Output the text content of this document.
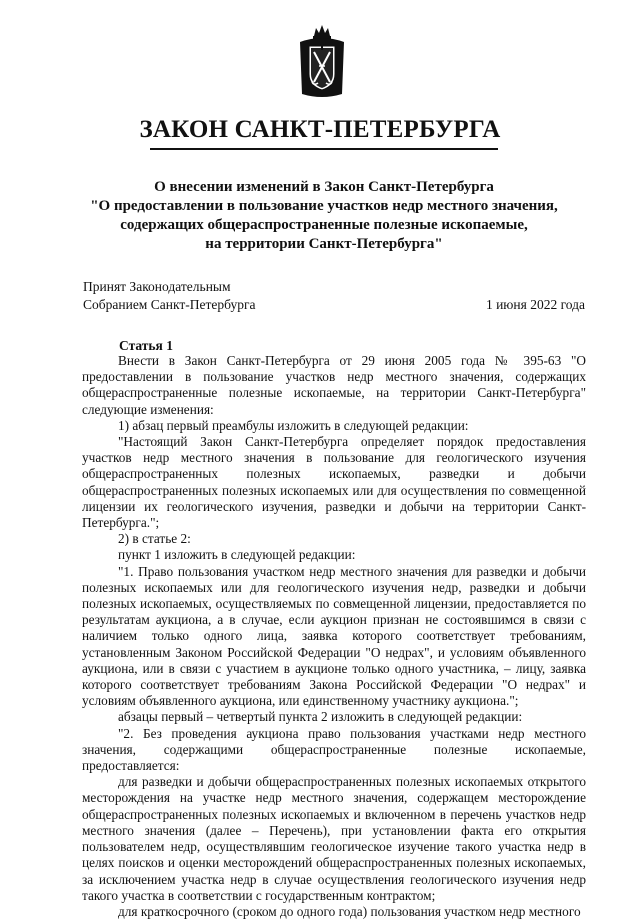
ЗАКОН САНКТ-ПЕТЕРБУРГА
О внесении изменений в Закон Санкт-Петербурга
"О предоставлении в пользование участков недр местного значения,
содержащих общераспространенные полезные ископаемые,
на территории Санкт-Петербурга"
Принят Законодательным
Собранием Санкт-Петербурга	1 июня 2022 года
Статья 1

Внести в Закон Санкт-Петербурга от 29 июня 2005 года № 395-63 "О предоставлении в пользование участков недр местного значения, содержащих общераспространенные полезные ископаемые, на территории Санкт-Петербурга" следующие изменения:

1) абзац первый преамбулы изложить в следующей редакции:

"Настоящий Закон Санкт-Петербурга определяет порядок предоставления участков недр местного значения в пользование для геологического изучения общераспространенных полезных ископаемых, разведки и добычи общераспространенных полезных ископаемых или для осуществления по совмещенной лицензии их геологического изучения, разведки и добычи на территории Санкт-Петербурга.";

2) в статье 2:

пункт 1 изложить в следующей редакции:

"1. Право пользования участком недр местного значения для разведки и добычи полезных ископаемых или для геологического изучения недр, разведки и добычи полезных ископаемых, осуществляемых по совмещенной лицензии, предоставляется по результатам аукциона, а в случае, если аукцион признан не состоявшимся в связи с наличием только одного лица, заявка которого соответствует требованиям, установленным Законом Российской Федерации "О недрах", и условиям объявленного аукциона, или в связи с участием в аукционе только одного участника, – лицу, заявка которого соответствует требованиям Закона Российской Федерации "О недрах" и условиям объявленного аукциона, или единственному участнику аукциона.";

абзацы первый – четвертый пункта 2 изложить в следующей редакции:

"2. Без проведения аукциона право пользования участками недр местного значения, содержащими общераспространенные полезные ископаемые, предоставляется:

для разведки и добычи общераспространенных полезных ископаемых открытого месторождения на участке недр местного значения, содержащем месторождение общераспространенных полезных ископаемых и включенном в перечень участков недр местного значения (далее – Перечень), при установлении факта его открытия пользователем недр, осуществлявшим геологическое изучение такого участка недр в целях поисков и оценки месторождений общераспространенных полезных ископаемых, за исключением участка недр в случае осуществления геологического изучения недр такого участка в соответствии с государственным контрактом;

для краткосрочного (сроком до одного года) пользования участком недр местного
